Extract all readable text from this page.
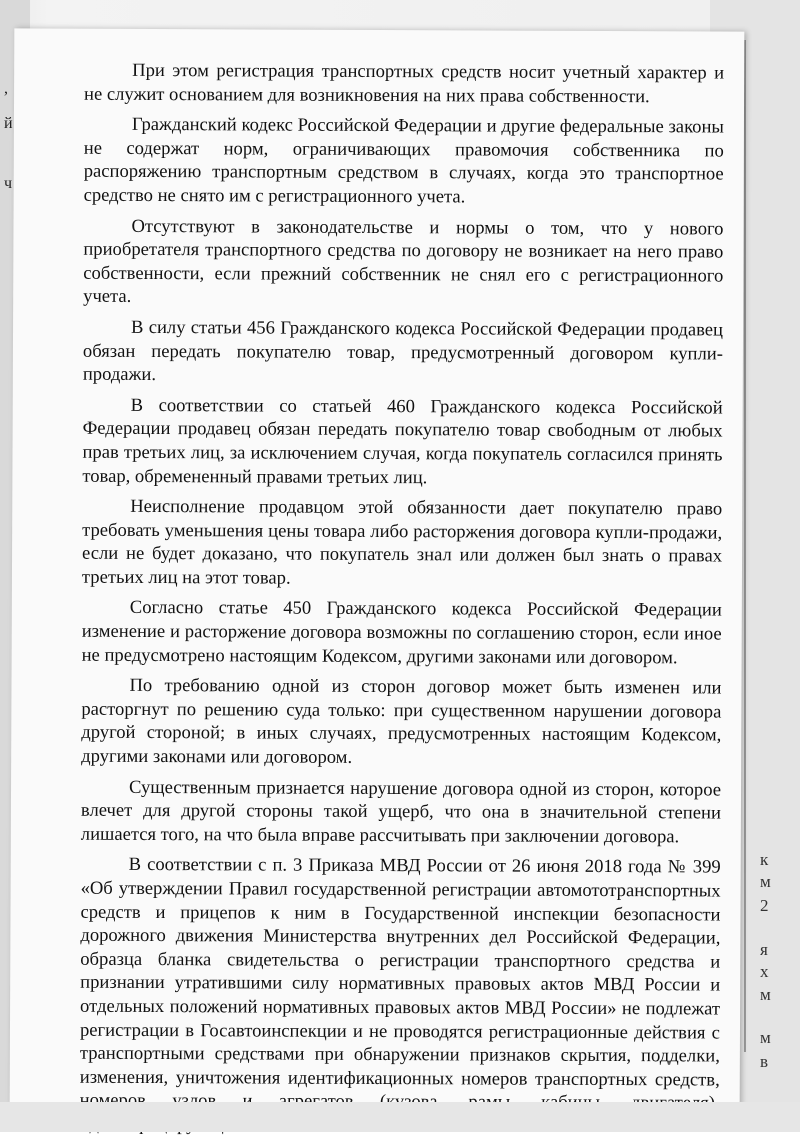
,
й
ч
к
м
2
я
х
м
м
в

При этом регистрация транспортных средств носит учетный характер и не служит основанием для возникновения на них права собственности.

Гражданский кодекс Российской Федерации и другие федеральные законы не содержат норм, ограничивающих правомочия собственника по распоряжению транспортным средством в случаях, когда это транспортное средство не снято им с регистрационного учета.

Отсутствуют в законодательстве и нормы о том, что у нового приобретателя транспортного средства по договору не возникает на него право собственности, если прежний собственник не снял его с регистрационного учета.

В силу статьи 456 Гражданского кодекса Российской Федерации продавец обязан передать покупателю товар, предусмотренный договором купли-продажи.

В соответствии со статьей 460 Гражданского кодекса Российской Федерации продавец обязан передать покупателю товар свободным от любых прав третьих лиц, за исключением случая, когда покупатель согласился принять товар, обремененный правами третьих лиц.

Неисполнение продавцом этой обязанности дает покупателю право требовать уменьшения цены товара либо расторжения договора купли-продажи, если не будет доказано, что покупатель знал или должен был знать о правах третьих лиц на этот товар.

Согласно статье 450 Гражданского кодекса Российской Федерации изменение и расторжение договора возможны по соглашению сторон, если иное не предусмотрено настоящим Кодексом, другими законами или договором.

По требованию одной из сторон договор может быть изменен или расторгнут по решению суда только: при существенном нарушении договора другой стороной; в иных случаях, предусмотренных настоящим Кодексом, другими законами или договором.

Существенным признается нарушение договора одной из сторон, которое влечет для другой стороны такой ущерб, что она в значительной степени лишается того, на что была вправе рассчитывать при заключении договора.

В соответствии с п. 3 Приказа МВД России от 26 июня 2018 года № 399 «Об утверждении Правил государственной регистрации автомототранспортных средств и прицепов к ним в Государственной инспекции безопасности дорожного движения Министерства внутренних дел Российской Федерации, образца бланка свидетельства о регистрации транспортного средства и признании утратившими силу нормативных правовых актов МВД России и отдельных положений нормативных правовых актов МВД России» не подлежат регистрации в Госавтоинспекции и не проводятся регистрационные действия с транспортными средствами при обнаружении признаков скрытия, подделки, изменения, уничтожения идентификационных номеров транспортных средств, номеров
